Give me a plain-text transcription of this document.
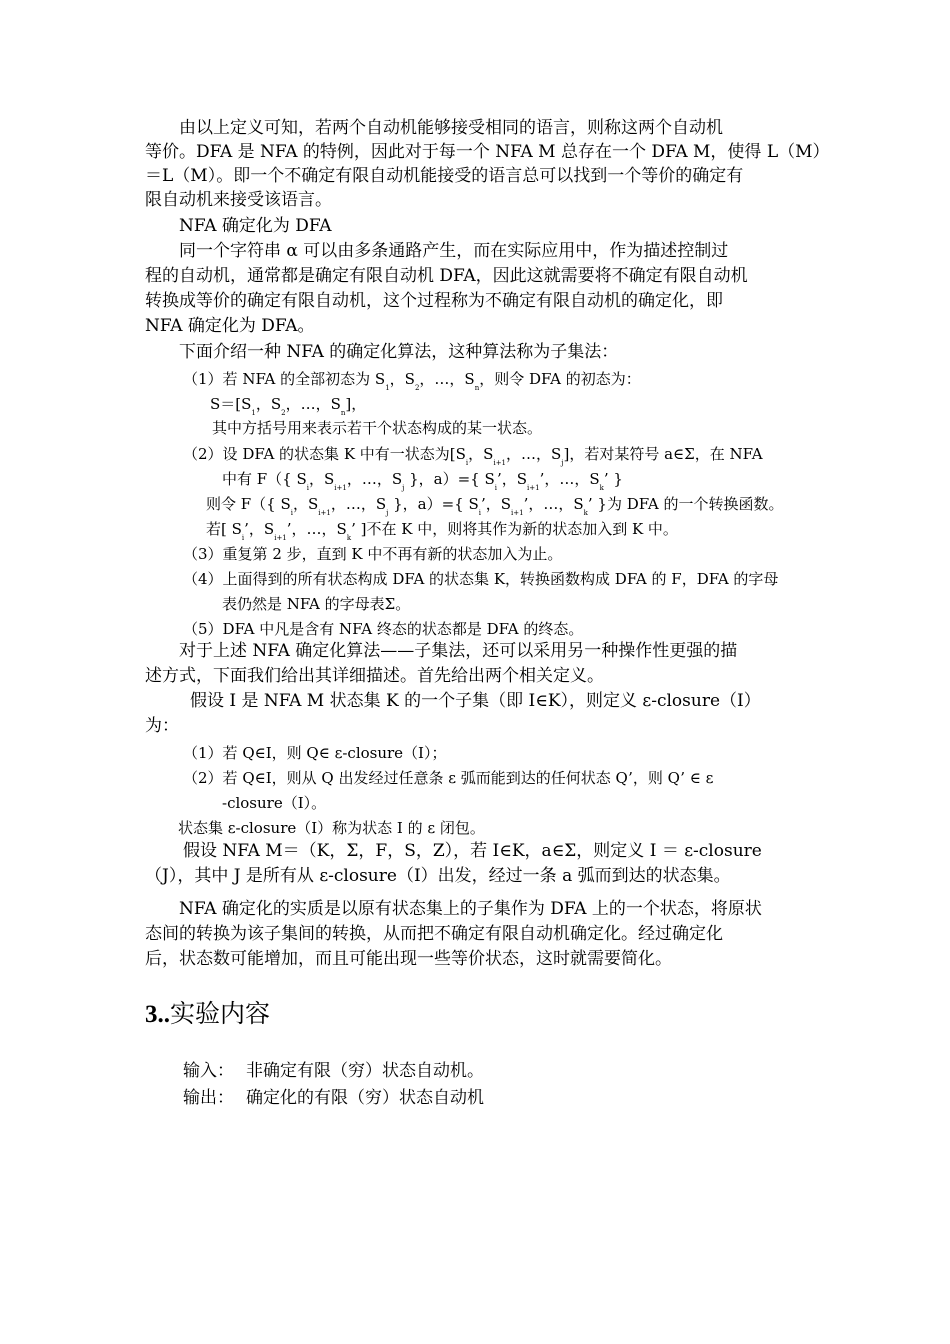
由以上定义可知，若两个自动机能够接受相同的语言，则称这两个自动机
等价。DFA 是 NFA 的特例，因此对于每一个 NFA M 总存在一个 DFA M，使得 L（M）
＝L（M）。即一个不确定有限自动机能接受的语言总可以找到一个等价的确定有
限自动机来接受该语言。
NFA 确定化为 DFA
同一个字符串 α 可以由多条通路产生，而在实际应用中，作为描述控制过
程的自动机，通常都是确定有限自动机 DFA，因此这就需要将不确定有限自动机
转换成等价的确定有限自动机，这个过程称为不确定有限自动机的确定化，即
NFA 确定化为 DFA。
下面介绍一种 NFA 的确定化算法，这种算法称为子集法：
（1）若 NFA 的全部初态为 $S_1$，$S_2$，…，$S_n$，则令 DFA 的初态为：
$S=[S_1$，$S_2$，…，$S_n$]，
其中方括号用来表示若干个状态构成的某一状态。
（2）设 DFA 的状态集 K 中有一状态为[$S_i$，$S_{i+1}$，…，$S_j$]，若对某符号 a∈Σ，在 NFA
中有 F（{ $S_i$，$S_{i+1}$，…，$S_j$ }，a）={ $S_i$’，$S_{i+1}$’，…，$S_k$’ }
则令 F（{ $S_i$，$S_{i+1}$，…，$S_j$ }，a）={ $S_i$’，$S_{i+1}$’，…，$S_k$’ }为 DFA 的一个转换函数。
若[ $S_i$’，$S_{i+1}$’，…，$S_k$’ ]不在 K 中，则将其作为新的状态加入到 K 中。
（3）重复第 2 步，直到 K 中不再有新的状态加入为止。
（4）上面得到的所有状态构成 DFA 的状态集 K，转换函数构成 DFA 的 F，DFA 的字母
表仍然是 NFA 的字母表Σ。
（5）DFA 中凡是含有 NFA 终态的状态都是 DFA 的终态。
对于上述 NFA 确定化算法——子集法，还可以采用另一种操作性更强的描
述方式，下面我们给出其详细描述。首先给出两个相关定义。
假设 I 是 NFA M 状态集 K 的一个子集（即 I∈K），则定义 ε-closure（I）
为：
（1）若 Q∈I，则 Q∈ ε-closure（I）；
（2）若 Q∈I，则从 Q 出发经过任意条 ε 弧而能到达的任何状态 Q’，则 Q’ ∈ ε
-closure（I）。
状态集 ε-closure（I）称为状态 I 的 ε 闭包。
假设 NFA M＝（K，Σ，F，S，Z），若 I∈K，a∈Σ，则定义 I ＝ ε-closure
（J），其中 J 是所有从 ε-closure（I）出发，经过一条 a 弧而到达的状态集。
NFA 确定化的实质是以原有状态集上的子集作为 DFA 上的一个状态，将原状
态间的转换为该子集间的转换，从而把不确定有限自动机确定化。经过确定化
后，状态数可能增加，而且可能出现一些等价状态，这时就需要简化。
3..实验内容
输入： 非确定有限（穷）状态自动机。
输出： 确定化的有限（穷）状态自动机
